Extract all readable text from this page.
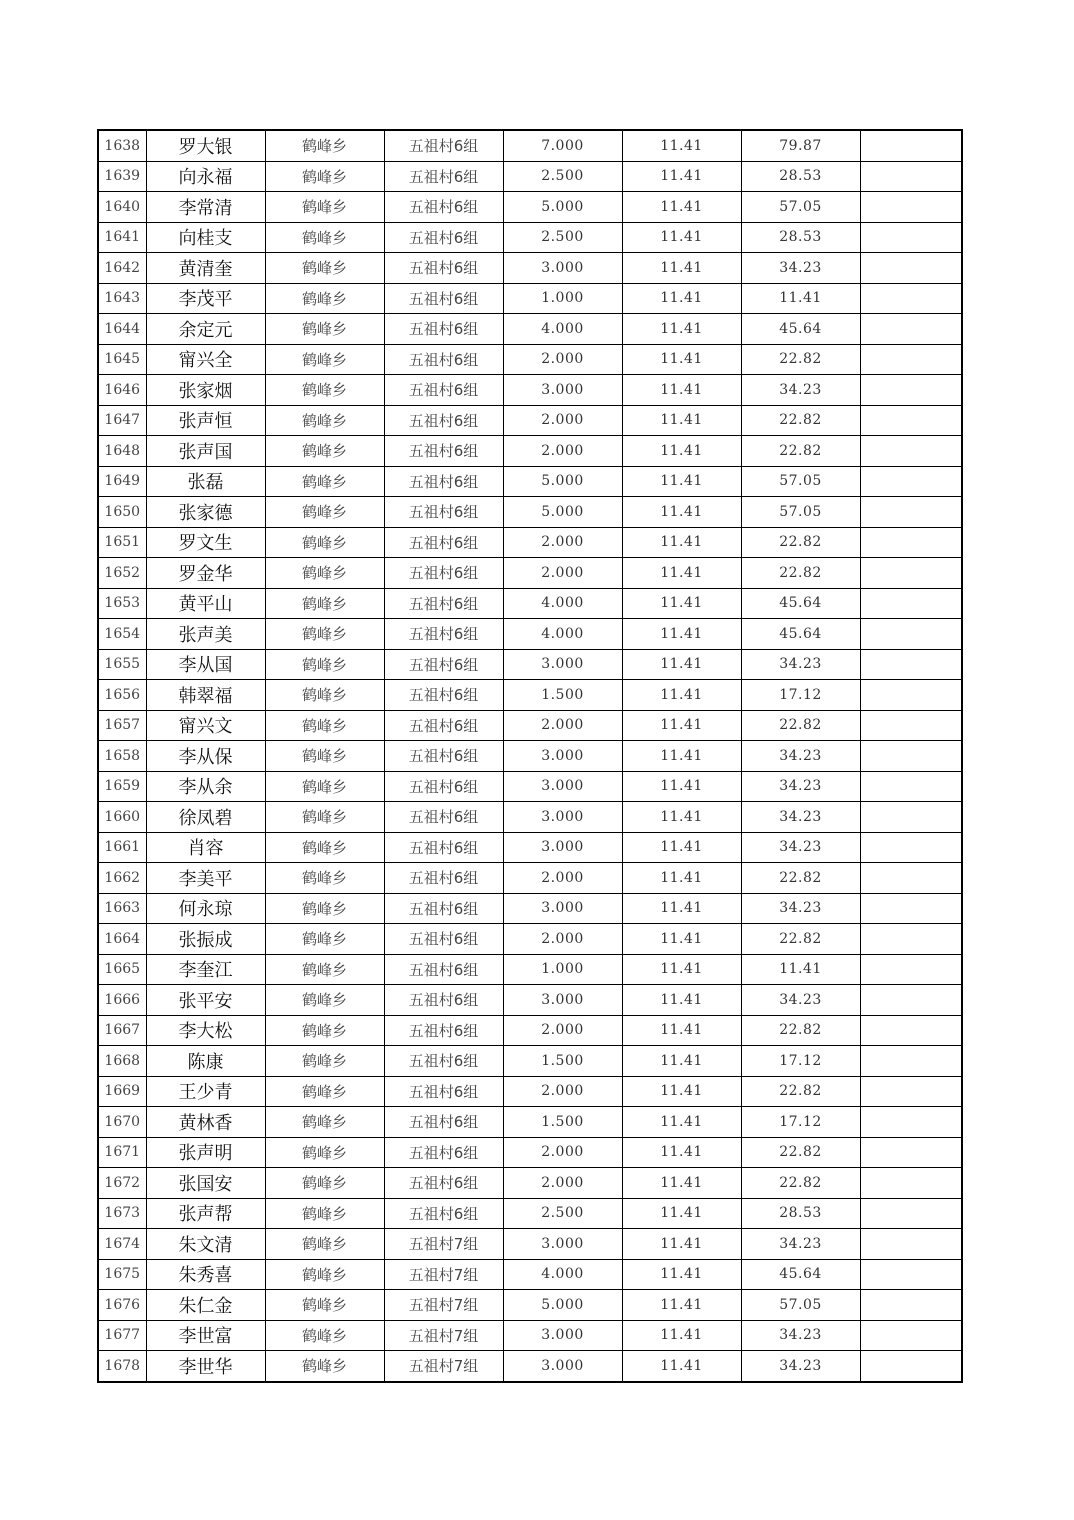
1638	罗大银	鹤峰乡	五祖村6组	7.000	11.41	79.87	
1639	向永福	鹤峰乡	五祖村6组	2.500	11.41	28.53	
1640	李常清	鹤峰乡	五祖村6组	5.000	11.41	57.05	
1641	向桂支	鹤峰乡	五祖村6组	2.500	11.41	28.53	
1642	黄清奎	鹤峰乡	五祖村6组	3.000	11.41	34.23	
1643	李茂平	鹤峰乡	五祖村6组	1.000	11.41	11.41	
1644	余定元	鹤峰乡	五祖村6组	4.000	11.41	45.64	
1645	甯兴全	鹤峰乡	五祖村6组	2.000	11.41	22.82	
1646	张家烟	鹤峰乡	五祖村6组	3.000	11.41	34.23	
1647	张声恒	鹤峰乡	五祖村6组	2.000	11.41	22.82	
1648	张声国	鹤峰乡	五祖村6组	2.000	11.41	22.82	
1649	张磊	鹤峰乡	五祖村6组	5.000	11.41	57.05	
1650	张家德	鹤峰乡	五祖村6组	5.000	11.41	57.05	
1651	罗文生	鹤峰乡	五祖村6组	2.000	11.41	22.82	
1652	罗金华	鹤峰乡	五祖村6组	2.000	11.41	22.82	
1653	黄平山	鹤峰乡	五祖村6组	4.000	11.41	45.64	
1654	张声美	鹤峰乡	五祖村6组	4.000	11.41	45.64	
1655	李从国	鹤峰乡	五祖村6组	3.000	11.41	34.23	
1656	韩翠福	鹤峰乡	五祖村6组	1.500	11.41	17.12	
1657	甯兴文	鹤峰乡	五祖村6组	2.000	11.41	22.82	
1658	李从保	鹤峰乡	五祖村6组	3.000	11.41	34.23	
1659	李从余	鹤峰乡	五祖村6组	3.000	11.41	34.23	
1660	徐凤碧	鹤峰乡	五祖村6组	3.000	11.41	34.23	
1661	肖容	鹤峰乡	五祖村6组	3.000	11.41	34.23	
1662	李美平	鹤峰乡	五祖村6组	2.000	11.41	22.82	
1663	何永琼	鹤峰乡	五祖村6组	3.000	11.41	34.23	
1664	张振成	鹤峰乡	五祖村6组	2.000	11.41	22.82	
1665	李奎江	鹤峰乡	五祖村6组	1.000	11.41	11.41	
1666	张平安	鹤峰乡	五祖村6组	3.000	11.41	34.23	
1667	李大松	鹤峰乡	五祖村6组	2.000	11.41	22.82	
1668	陈康	鹤峰乡	五祖村6组	1.500	11.41	17.12	
1669	王少青	鹤峰乡	五祖村6组	2.000	11.41	22.82	
1670	黄林香	鹤峰乡	五祖村6组	1.500	11.41	17.12	
1671	张声明	鹤峰乡	五祖村6组	2.000	11.41	22.82	
1672	张国安	鹤峰乡	五祖村6组	2.000	11.41	22.82	
1673	张声帮	鹤峰乡	五祖村6组	2.500	11.41	28.53	
1674	朱文清	鹤峰乡	五祖村7组	3.000	11.41	34.23	
1675	朱秀喜	鹤峰乡	五祖村7组	4.000	11.41	45.64	
1676	朱仁金	鹤峰乡	五祖村7组	5.000	11.41	57.05	
1677	李世富	鹤峰乡	五祖村7组	3.000	11.41	34.23	
1678	李世华	鹤峰乡	五祖村7组	3.000	11.41	34.23	
